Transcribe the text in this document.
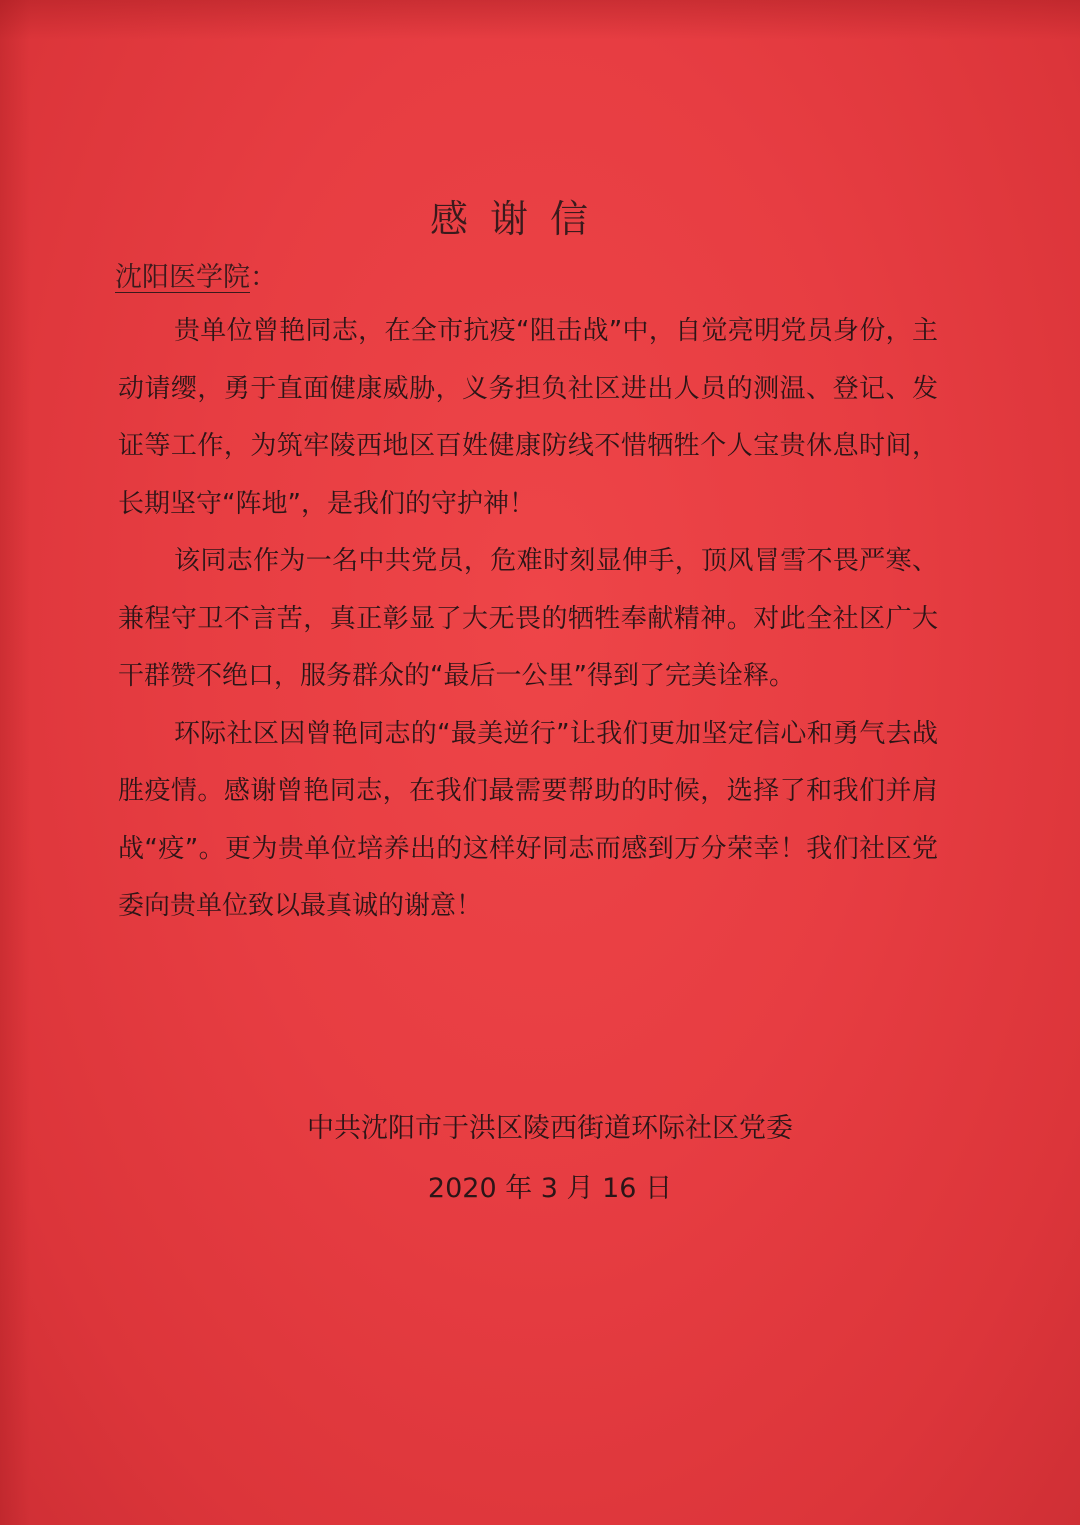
感谢信
沈阳医学院：

贵单位曾艳同志，在全市抗疫“阻击战”中，自觉亮明党员身份，主动请缨，勇于直面健康威胁，义务担负社区进出人员的测温、登记、发证等工作，为筑牢陵西地区百姓健康防线不惜牺牲个人宝贵休息时间，长期坚守“阵地”，是我们的守护神！

该同志作为一名中共党员，危难时刻显伸手，顶风冒雪不畏严寒、兼程守卫不言苦，真正彰显了大无畏的牺牲奉献精神。对此全社区广大干群赞不绝口，服务群众的“最后一公里”得到了完美诠释。

环际社区因曾艳同志的“最美逆行”让我们更加坚定信心和勇气去战胜疫情。感谢曾艳同志，在我们最需要帮助的时候，选择了和我们并肩战“疫”。更为贵单位培养出的这样好同志而感到万分荣幸！我们社区党委向贵单位致以最真诚的谢意！

中共沈阳市于洪区陵西街道环际社区党委
2020 年 3 月 16 日
